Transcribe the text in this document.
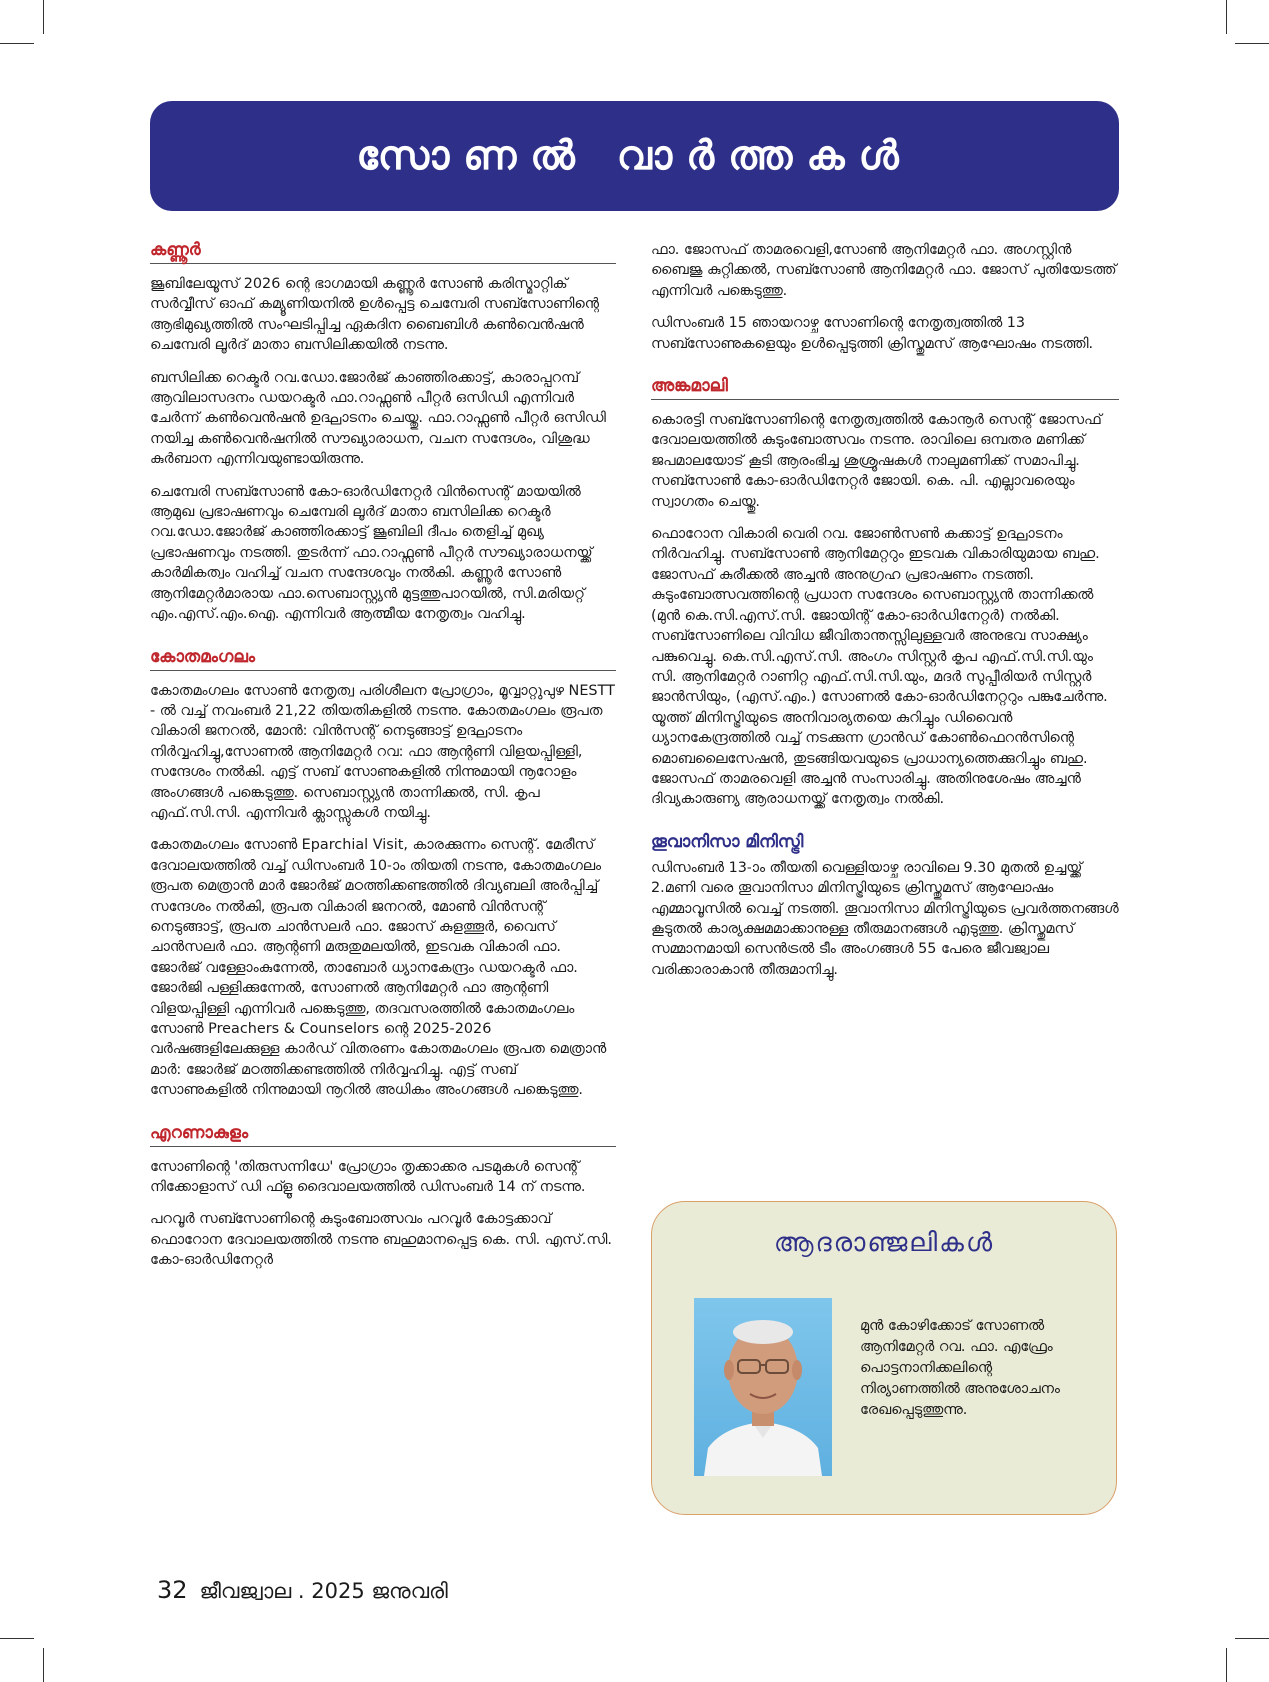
സോണൽ വാർത്തകൾ
കണ്ണൂർ

ജൂബിലേയൂസ് 2026 ന്റെ ഭാഗമായി കണ്ണൂർ സോൺ കരിസ്മാറ്റിക് സർവ്വീസ് ഓഫ് കമ്യൂണിയനിൽ ഉൾപ്പെട്ട ചെമ്പേരി സബ്സോണിന്റെ ആഭിമുഖ്യത്തിൽ സംഘടിപ്പിച്ച ഏകദിന ബൈബിൾ കൺവെൻഷൻ ചെമ്പേരി ലൂർദ് മാതാ ബസിലിക്കയിൽ നടന്നു.

ബസിലിക്ക റെക്ടർ റവ.ഡോ.ജോർജ് കാഞ്ഞിരക്കാട്ട്, കാരാപ്പറമ്പ് ആവിലാസദനം ഡയറക്ടർ ഫാ.റാഫ്സൺ പീറ്റർ ഒസിഡി എന്നിവർ ചേർന്ന് കൺവെൻഷൻ ഉദ്ഘാടനം ചെയ്തു. ഫാ.റാഫ്സൺ പീറ്റർ ഒസിഡി നയിച്ച കൺവെൻഷനിൽ സൗഖ്യാരാധന, വചന സന്ദേശം, വിശുദ്ധ കുർബാന എന്നിവയുണ്ടായിരുന്നു.

ചെമ്പേരി സബ്സോൺ കോ-ഓർഡിനേറ്റർ വിൻസെന്റ് മായയിൽ ആമുഖ പ്രഭാഷണവും ചെമ്പേരി ലൂർദ് മാതാ ബസിലിക്ക റെക്ടർ റവ.ഡോ.ജോർജ് കാഞ്ഞിരക്കാട്ട് ജൂബിലി ദീപം തെളിച്ച് മുഖ്യ പ്രഭാഷണവും നടത്തി. തുടർന്ന് ഫാ.റാഫ്സൺ പീറ്റർ സൗഖ്യാരാധനയ്ക്ക് കാർമികത്വം വഹിച്ച് വചന സന്ദേശവും നൽകി. കണ്ണൂർ സോൺ ആനിമേറ്റർമാരായ ഫാ.സെബാസ്റ്റ്യൻ മുട്ടത്തുപാറയിൽ, സി.മരിയറ്റ് എം.എസ്.എം.ഐ. എന്നിവർ ആത്മീയ നേതൃത്വം വഹിച്ചു.

കോതമംഗലം

കോതമംഗലം സോൺ നേതൃത്വ പരിശീലന പ്രോഗ്രാം, മൂവ്വാറ്റുപുഴ NESTT - ൽ വച്ച് നവംബർ 21,22 തിയതികളിൽ നടന്നു. കോതമംഗലം രൂപത വികാരി ജനറൽ, മോൻ: വിൻസന്റ് നെടുങ്ങാട്ട് ഉദ്ഘാടനം നിർവ്വഹിച്ചു,സോണൽ ആനിമേറ്റർ റവ: ഫാ ആന്റണി വിളയപ്പിള്ളി, സന്ദേശം നൽകി. എട്ട് സബ് സോണുകളിൽ നിന്നുമായി നൂറോളം അംഗങ്ങൾ പങ്കെടുത്തു. സെബാസ്റ്റ്യൻ താന്നിക്കൽ, സി. കൃപ എഫ്.സി.സി. എന്നിവർ ക്ലാസ്സുകൾ നയിച്ചു.

കോതമംഗലം സോൺ Eparchial Visit, കാരക്കുന്നം സെന്റ്. മേരീസ് ദേവാലയത്തിൽ വച്ച് ഡിസംബർ 10-ാം തിയതി നടന്നു, കോതമംഗലം രൂപത മെത്രാൻ മാർ ജോർജ് മഠത്തിക്കണ്ടത്തിൽ ദിവ്യബലി അർപ്പിച്ച് സന്ദേശം നൽകി, രൂപത വികാരി ജനറൽ, മോൺ വിൻസന്റ് നെടുങ്ങാട്ട്, രൂപത ചാൻസലർ ഫാ. ജോസ് കുളത്തൂർ, വൈസ് ചാൻസലർ ഫാ. ആന്റണി മരുതുമലയിൽ, ഇടവക വികാരി ഫാ. ജോർജ് വള്ളോംകുന്നേൽ, താബോർ ധ്യാനകേന്ദ്രം ഡയറക്ടർ ഫാ. ജോർജി പള്ളിക്കുന്നേൽ, സോണൽ ആനിമേറ്റർ ഫാ ആന്റണി വിളയപ്പിള്ളി എന്നിവർ പങ്കെടുത്തു, തദവസരത്തിൽ കോതമംഗലം സോൺ Preachers & Counselors ന്റെ 2025-2026 വർഷങ്ങളിലേക്കുള്ള കാർഡ് വിതരണം കോതമംഗലം രൂപത മെത്രാൻ മാർ: ജോർജ് മഠത്തിക്കണ്ടത്തിൽ നിർവ്വഹിച്ചു. എട്ട് സബ് സോണുകളിൽ നിന്നുമായി നൂറിൽ അധികം അംഗങ്ങൾ പങ്കെടുത്തു.

എറണാകുളം

സോണിന്റെ 'തിരുസന്നിധേ' പ്രോഗ്രാം തൃക്കാക്കര പടമുകൾ സെന്റ് നിക്കോളാസ് ഡി ഫ്ളൂ ദൈവാലയത്തിൽ ഡിസംബർ 14 ന് നടന്നു.

പറവൂർ സബ്സോണിന്റെ കുടുംബോത്സവം പറവൂർ കോട്ടക്കാവ് ഫൊറോന ദേവാലയത്തിൽ നടന്നു ബഹുമാനപ്പെട്ട കെ. സി. എസ്.സി. കോ-ഓർഡിനേറ്റർ

ഫാ. ജോസഫ് താമരവെളി,സോൺ ആനിമേറ്റർ ഫാ. അഗസ്റ്റിൻ ബൈജു കുറ്റിക്കൽ, സബ്സോൺ ആനിമേറ്റർ ഫാ. ജോസ് പുതിയേടത്ത് എന്നിവർ പങ്കെടുത്തു.

ഡിസംബർ 15 ഞായറാഴ്ച സോണിന്റെ നേതൃത്വത്തിൽ 13 സബ്സോണുകളെയും ഉൾപ്പെടുത്തി ക്രിസ്തുമസ് ആഘോഷം നടത്തി.

അങ്കമാലി

കൊരട്ടി സബ്സോണിന്റെ നേതൃത്വത്തിൽ കോനൂർ സെന്റ് ജോസഫ് ദേവാലയത്തിൽ കുടുംബോത്സവം നടന്നു. രാവിലെ ഒമ്പതര മണിക്ക് ജപമാലയോട് കൂടി ആരംഭിച്ച ശുശ്രൂഷകൾ നാലുമണിക്ക് സമാപിച്ചു. സബ്സോൺ കോ-ഓർഡിനേറ്റർ ജോയി. കെ. പി. എല്ലാവരെയും സ്വാഗതം ചെയ്തു.

ഫൊറോന വികാരി വെരി റവ. ജോൺസൺ കക്കാട്ട് ഉദ്ഘാടനം നിർവഹിച്ചു. സബ്സോൺ ആനിമേറ്ററും ഇടവക വികാരിയുമായ ബഹു. ജോസഫ് കുരീക്കൽ അച്ചൻ അനുഗ്രഹ പ്രഭാഷണം നടത്തി. കുടുംബോത്സവത്തിന്റെ പ്രധാന സന്ദേശം സെബാസ്റ്റ്യൻ താന്നിക്കൽ (മുൻ കെ.സി.എസ്.സി. ജോയിന്റ് കോ-ഓർഡിനേറ്റർ) നൽകി. സബ്സോണിലെ വിവിധ ജീവിതാന്തസ്സിലുള്ളവർ അനുഭവ സാക്ഷ്യം പങ്കുവെച്ചു. കെ.സി.എസ്.സി. അംഗം സിസ്റ്റർ കൃപ എഫ്.സി.സി.യും സി. ആനിമേറ്റർ റാണിറ്റ എഫ്.സി.സി.യും, മദർ സുപ്പീരിയർ സിസ്റ്റർ ജാൻസിയും, (എസ്.എം.) സോണൽ കോ-ഓർഡിനേറ്ററും പങ്കുചേർന്നു. യൂത്ത് മിനിസ്ട്രിയുടെ അനിവാര്യതയെ കുറിച്ചും ഡിവൈൻ ധ്യാനകേന്ദ്രത്തിൽ വച്ച് നടക്കുന്ന ഗ്രാൻഡ് കോൺഫെറൻസിന്റെ മൊബലൈസേഷൻ, തുടങ്ങിയവയുടെ പ്രാധാന്യത്തെക്കുറിച്ചും ബഹു. ജോസഫ് താമരവെളി അച്ചൻ സംസാരിച്ചു. അതിനുശേഷം അച്ചൻ ദിവ്യകാരുണ്യ ആരാധനയ്ക്ക് നേതൃത്വം നൽകി.

തൂവാനിസാ മിനിസ്ട്രി

ഡിസംബർ 13-ാം തീയതി വെള്ളിയാഴ്ച രാവിലെ 9.30 മുതൽ ഉച്ചയ്ക്ക് 2.മണി വരെ തൂവാനിസാ മിനിസ്ട്രിയുടെ ക്രിസ്തുമസ് ആഘോഷം എമ്മാവൂസിൽ വെച്ച് നടത്തി. തൂവാനിസാ മിനിസ്ട്രിയുടെ പ്രവർത്തനങ്ങൾ കൂടുതൽ കാര്യക്ഷമമാക്കാനുള്ള തീരുമാനങ്ങൾ എടുത്തു. ക്രിസ്തുമസ് സമ്മാനമായി സെൻട്രൽ ടീം അംഗങ്ങൾ 55 പേരെ ജീവജ്വാല വരിക്കാരാകാൻ തീരുമാനിച്ചു.

ആദരാഞ്ജലികൾ
മുൻ കോഴിക്കോട് സോണൽ ആനിമേറ്റർ റവ. ഫാ. എഫ്രേം പൊട്ടനാനിക്കലിന്റെ നിര്യാണത്തിൽ അനുശോചനം രേഖപ്പെടുത്തുന്നു.
32 ജീവജ്വാല . 2025 ജനുവരി
